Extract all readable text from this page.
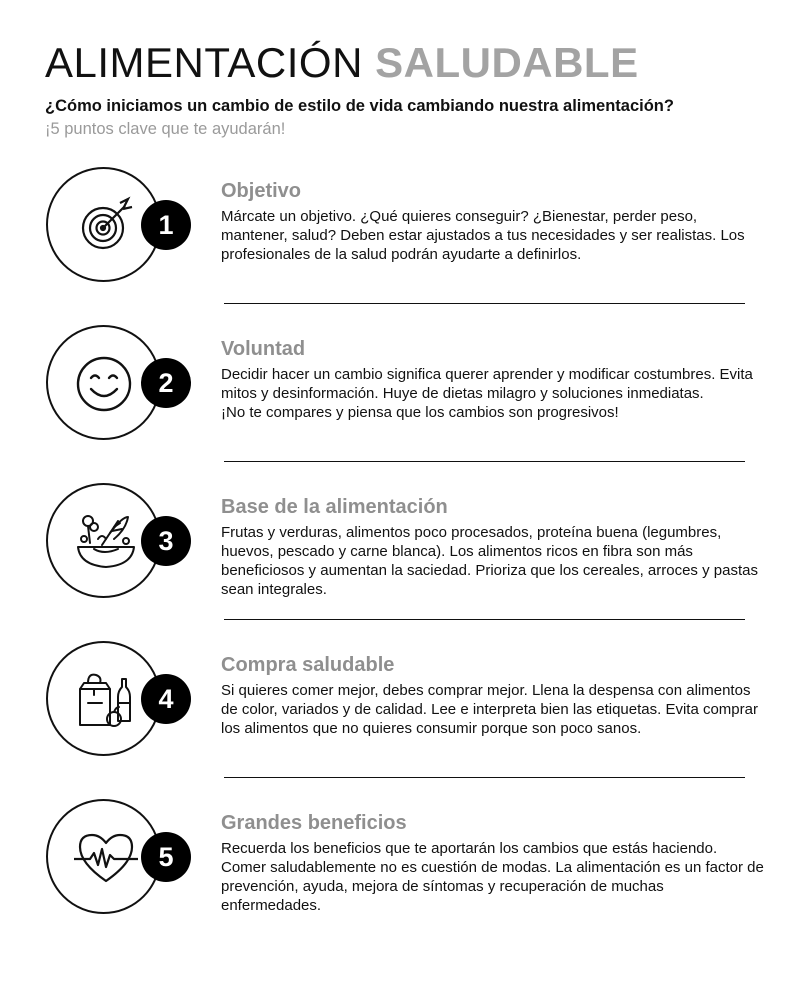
ALIMENTACIÓN SALUDABLE
¿Cómo iniciamos un cambio de estilo de vida cambiando nuestra alimentación?
¡5 puntos clave que te ayudarán!
1
Objetivo

Márcate un objetivo. ¿Qué quieres conseguir? ¿Bienestar, perder peso, mantener, salud? Deben estar ajustados a tus necesidades y ser realistas. Los profesionales de la salud podrán ayudarte a definirlos.

2
Voluntad

Decidir hacer un cambio significa querer aprender y modificar costumbres. Evita mitos y desinformación. Huye de dietas milagro y soluciones inmediatas.

¡No te compares y piensa que los cambios son progresivos!

3
Base de la alimentación

Frutas y verduras, alimentos poco procesados, proteína buena (legumbres, huevos, pescado y carne blanca). Los alimentos ricos en fibra son más beneficiosos y aumentan la saciedad. Prioriza que los cereales, arroces y pastas sean integrales.

4
Compra saludable

Si quieres comer mejor, debes comprar mejor. Llena la despensa con alimentos de color, variados y de calidad. Lee e interpreta bien las etiquetas. Evita comprar los alimentos que no quieres consumir porque son poco sanos.

5
Grandes beneficios

Recuerda los beneficios que te aportarán los cambios que estás haciendo. Comer saludablemente no es cuestión de modas. La alimentación es un factor de prevención, ayuda, mejora de síntomas y recuperación de muchas enfermedades.
